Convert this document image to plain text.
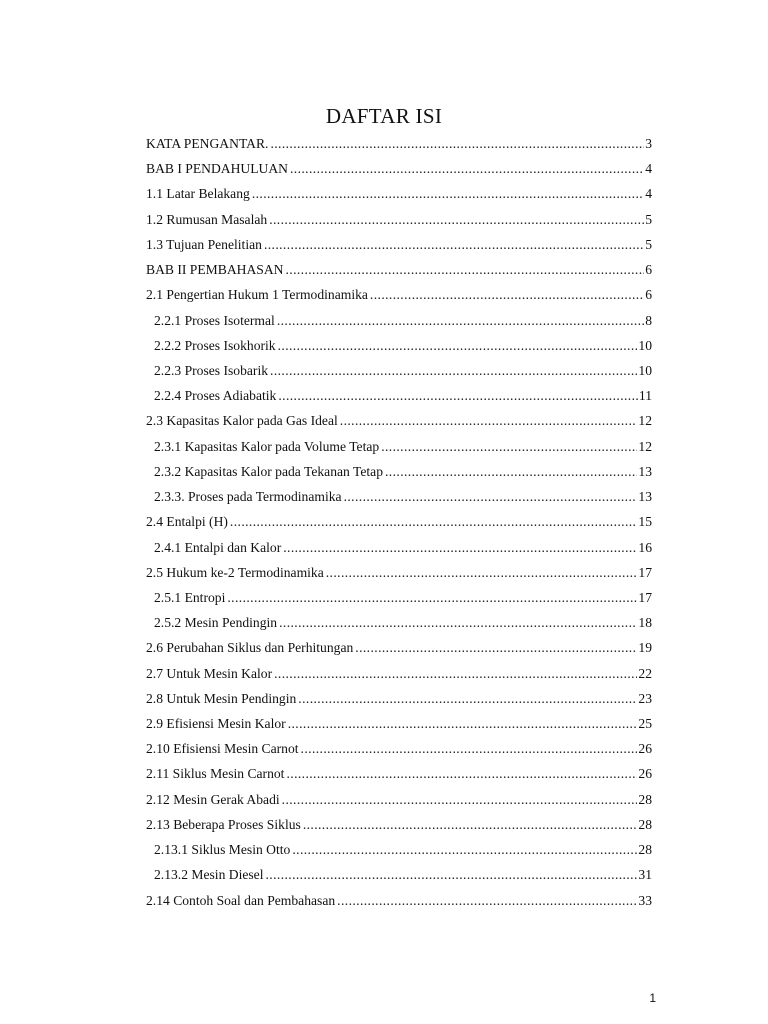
DAFTAR ISI
KATA PENGANTAR. .....	3
BAB I PENDAHULUAN .....	4
1.1 Latar Belakang .....	4
1.2 Rumusan Masalah .....	5
1.3 Tujuan Penelitian .....	5
BAB II PEMBAHASAN .....	6
2.1 Pengertian Hukum 1 Termodinamika .....	6
2.2.1 Proses Isotermal .....	8
2.2.2 Proses Isokhorik .....	10
2.2.3 Proses Isobarik .....	10
2.2.4 Proses Adiabatik .....	11
2.3 Kapasitas Kalor pada Gas Ideal .....	12
2.3.1 Kapasitas Kalor pada Volume Tetap .....	12
2.3.2 Kapasitas Kalor pada Tekanan Tetap .....	13
2.3.3. Proses pada Termodinamika .....	13
2.4 Entalpi (H) .....	15
2.4.1 Entalpi dan Kalor .....	16
2.5 Hukum ke-2 Termodinamika .....	17
2.5.1 Entropi .....	17
2.5.2 Mesin Pendingin .....	18
2.6 Perubahan Siklus dan Perhitungan .....	19
2.7 Untuk Mesin Kalor .....	22
2.8 Untuk Mesin Pendingin .....	23
2.9 Efisiensi Mesin Kalor .....	25
2.10 Efisiensi Mesin Carnot .....	26
2.11 Siklus Mesin Carnot .....	26
2.12 Mesin Gerak Abadi .....	28
2.13 Beberapa Proses Siklus .....	28
2.13.1 Siklus Mesin Otto .....	28
2.13.2 Mesin Diesel .....	31
2.14 Contoh Soal dan Pembahasan .....	33
1
